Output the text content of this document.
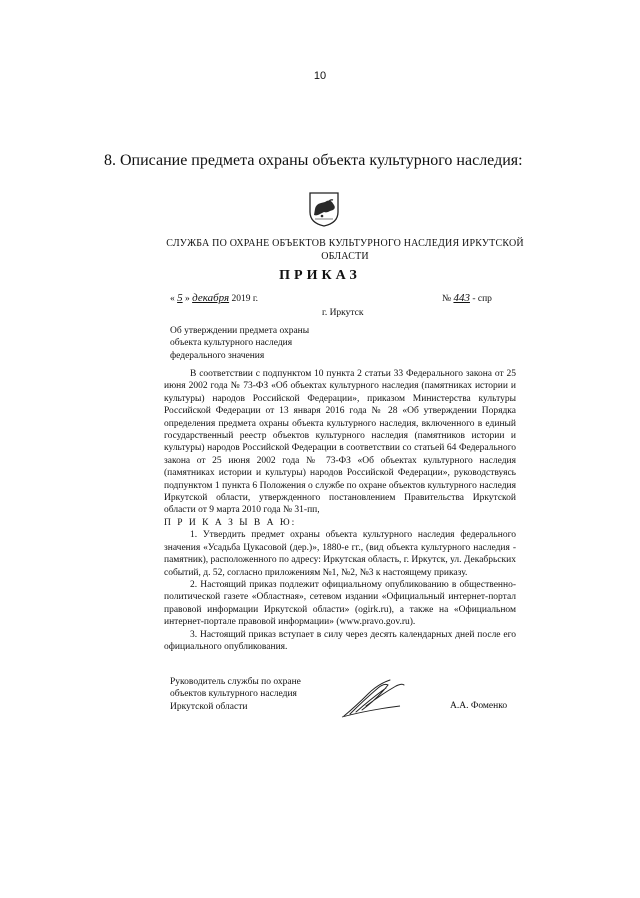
10
8. Описание предмета охраны объекта культурного наследия:
СЛУЖБА ПО ОХРАНЕ ОБЪЕКТОВ КУЛЬТУРНОГО НАСЛЕДИЯ ИРКУТСКОЙ ОБЛАСТИ
ПРИКАЗ
« 5 » декабря 2019 г.	№ 443 - спр
г. Иркутск
Об утверждении предмета охраны
объекта культурного наследия
федерального значения

В соответствии с подпунктом 10 пункта 2 статьи 33 Федерального закона от 25 июня 2002 года № 73-ФЗ «Об объектах культурного наследия (памятниках истории и культуры) народов Российской Федерации», приказом Министерства культуры Российской Федерации от 13 января 2016 года № 28 «Об утверждении Порядка определения предмета охраны объекта культурного наследия, включенного в единый государственный реестр объектов культурного наследия (памятников истории и культуры) народов Российской Федерации в соответствии со статьей 64 Федерального закона от 25 июня 2002 года № 73-ФЗ «Об объектах культурного наследия (памятниках истории и культуры) народов Российской Федерации», руководствуясь подпунктом 1 пункта 6 Положения о службе по охране объектов культурного наследия Иркутской области, утвержденного постановлением Правительства Иркутской области от 9 марта 2010 года № 31-пп,

П Р И К А З Ы В А Ю:

1. Утвердить предмет охраны объекта культурного наследия федерального значения «Усадьба Цукасовой (дер.)», 1880-е гг., (вид объекта культурного наследия - памятник), расположенного по адресу: Иркутская область, г. Иркутск, ул. Декабрьских событий, д. 52, согласно приложениям №1, №2, №3 к настоящему приказу.

2. Настоящий приказ подлежит официальному опубликованию в общественно-политической газете «Областная», сетевом издании «Официальный интернет-портал правовой информации Иркутской области» (ogirk.ru), а также на «Официальном интернет-портале правовой информации» (www.pravo.gov.ru).

3. Настоящий приказ вступает в силу через десять календарных дней после его официального опубликования.

Руководитель службы по охране
объектов культурного наследия
Иркутской области	А.А. Фоменко
